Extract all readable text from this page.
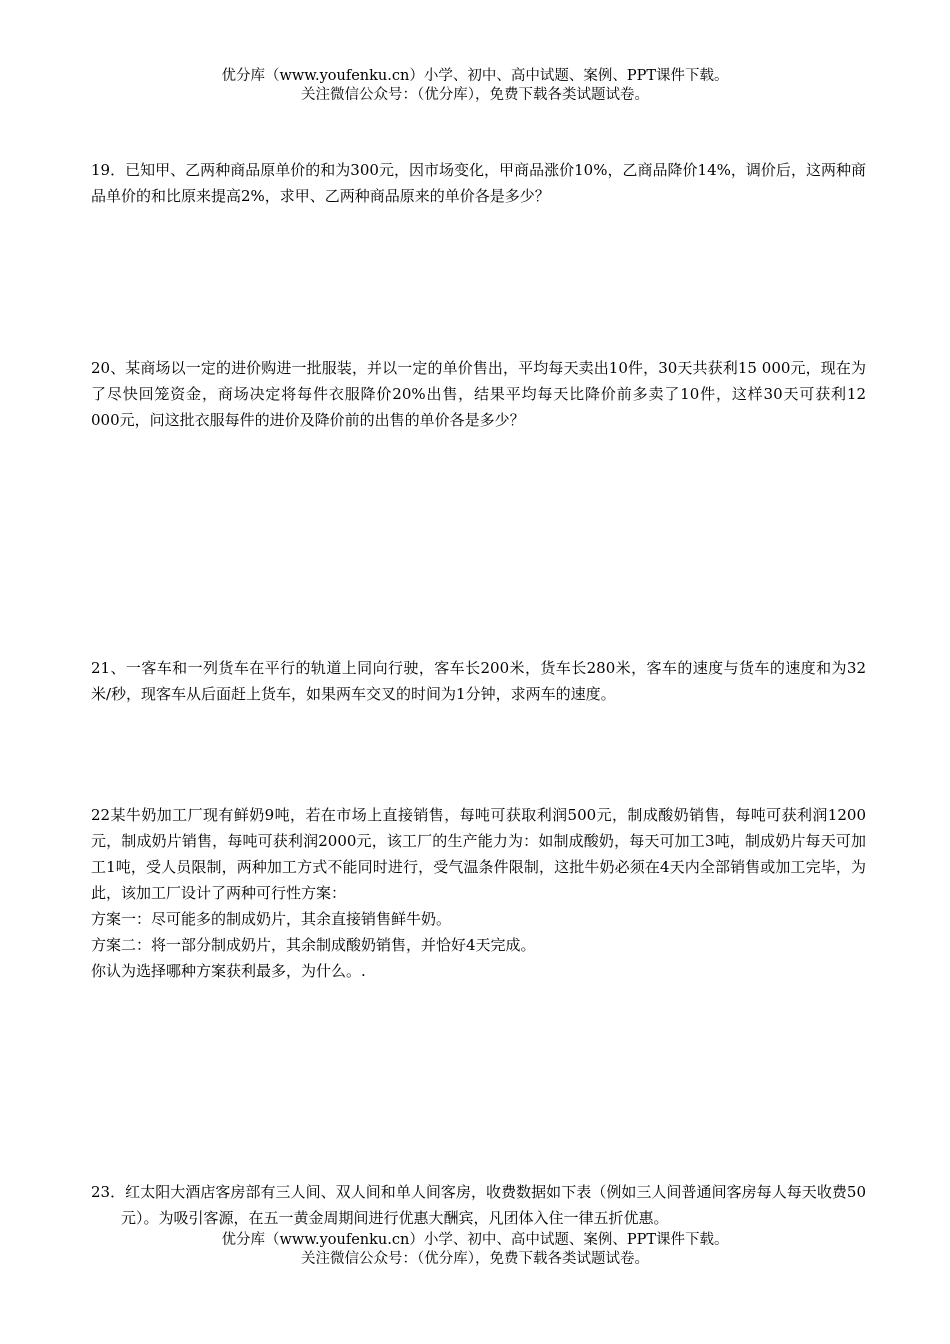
优分库（www.youfenku.cn）小学、初中、高中试题、案例、PPT课件下载。
关注微信公众号：（优分库），免费下载各类试题试卷。

19．已知甲、乙两种商品原单价的和为300元，因市场变化，甲商品涨价10%，乙商品降价14%，调价后，这两种商品单价的和比原来提高2%，求甲、乙两种商品原来的单价各是多少？

20、某商场以一定的进价购进一批服装，并以一定的单价售出，平均每天卖出10件，30天共获利15 000元，现在为了尽快回笼资金，商场决定将每件衣服降价20%出售，结果平均每天比降价前多卖了10件，这样30天可获利12　000元，问这批衣服每件的进价及降价前的出售的单价各是多少？

21、一客车和一列货车在平行的轨道上同向行驶，客车长200米，货车长280米，客车的速度与货车的速度和为32米/秒，现客车从后面赶上货车，如果两车交叉的时间为1分钟，求两车的速度。

22某牛奶加工厂现有鲜奶9吨，若在市场上直接销售，每吨可获取利润500元，制成酸奶销售，每吨可获利润1200元，制成奶片销售，每吨可获利润2000元，该工厂的生产能力为：如制成酸奶，每天可加工3吨，制成奶片每天可加工1吨，受人员限制，两种加工方式不能同时进行，受气温条件限制，这批牛奶必须在4天内全部销售或加工完毕，为此，该加工厂设计了两种可行性方案：

方案一：尽可能多的制成奶片，其余直接销售鲜牛奶。

方案二：将一部分制成奶片，其余制成酸奶销售，并恰好4天完成。

你认为选择哪种方案获利最多，为什么。.

23．红太阳大酒店客房部有三人间、双人间和单人间客房，收费数据如下表（例如三人间普通间客房每人每天收费50元）。为吸引客源，在五一黄金周期间进行优惠大酬宾，凡团体入住一律五折优惠。

优分库（www.youfenku.cn）小学、初中、高中试题、案例、PPT课件下载。
关注微信公众号：（优分库），免费下载各类试题试卷。
